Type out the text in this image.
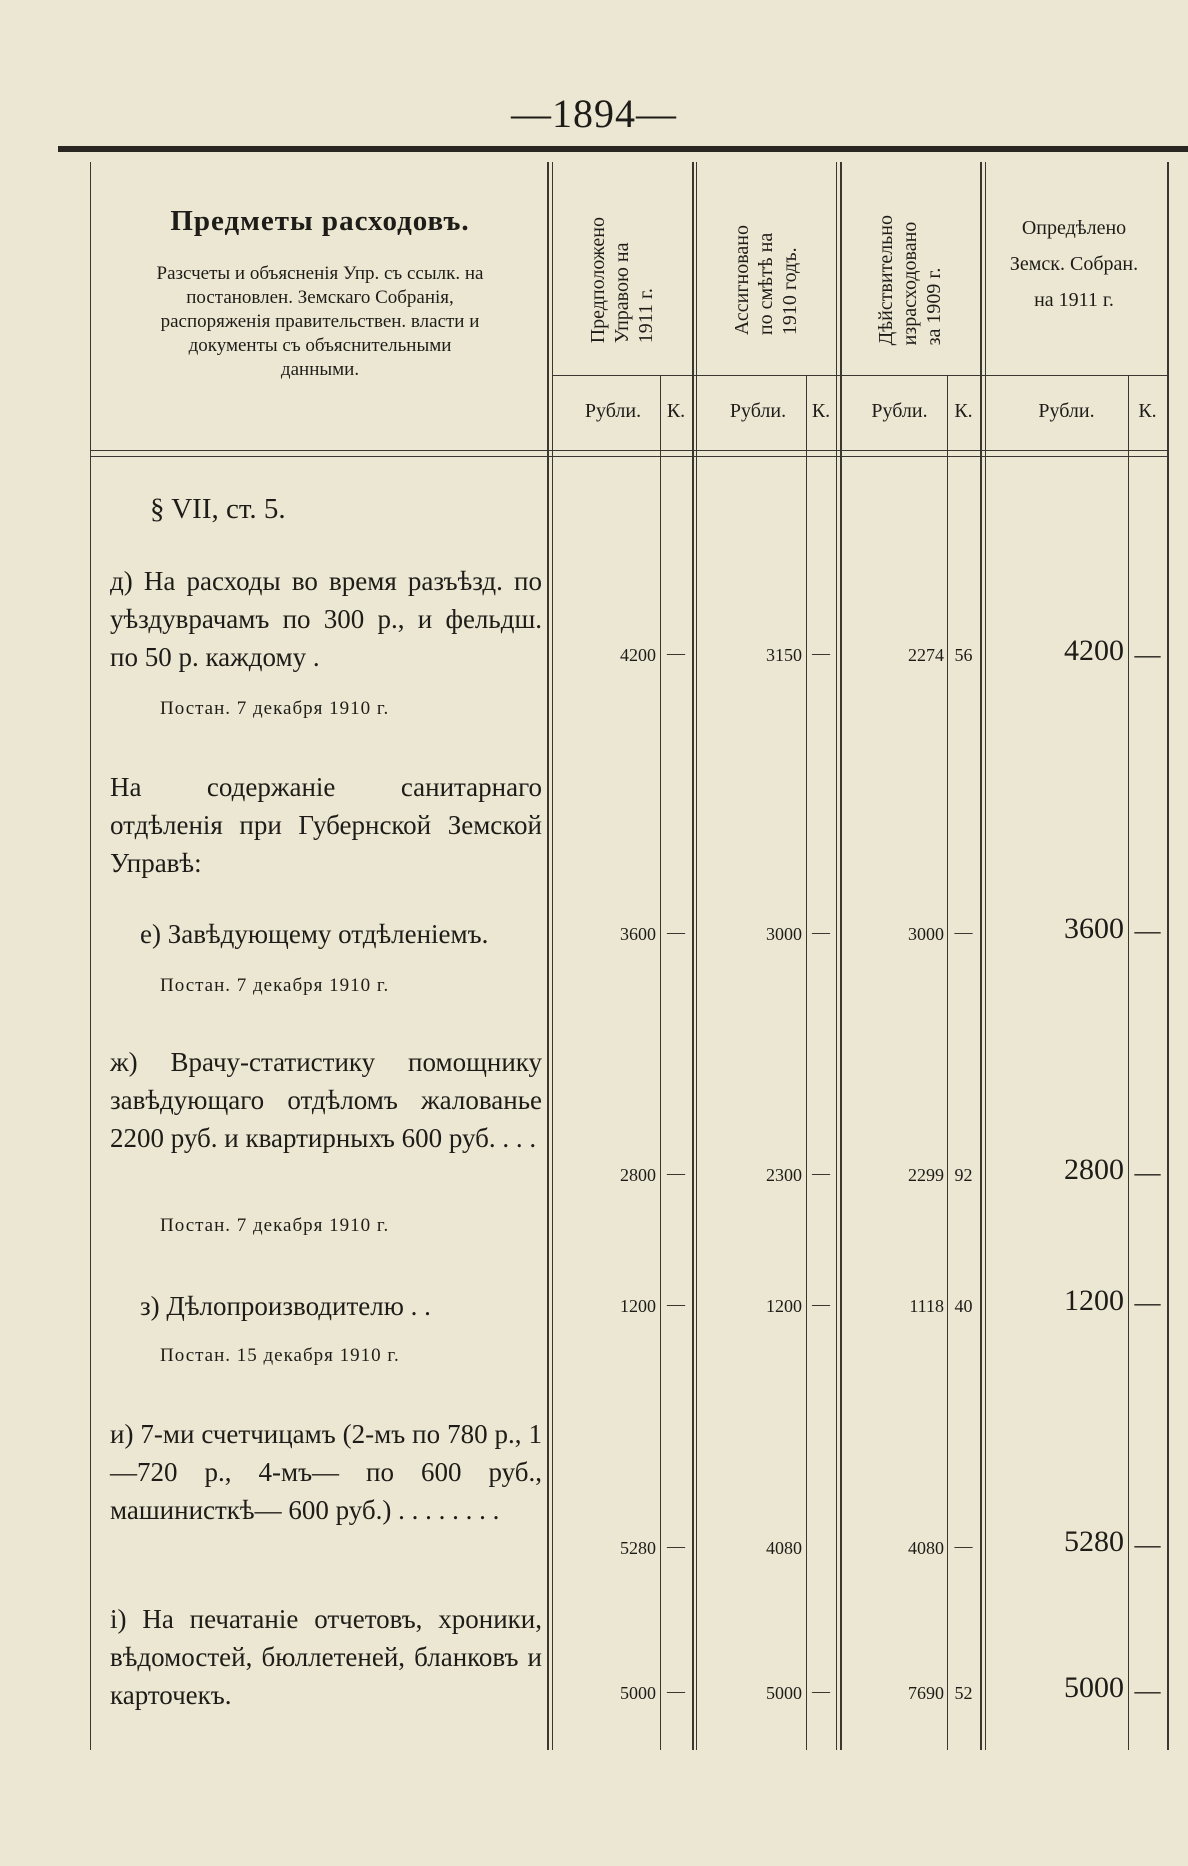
—1894—
Предметы расходовъ.
Разсчеты и объясненія Упр. съ ссылк. на постановлен. Земскаго Собранія, распоряженія правительствен. власти и документы съ объяснительными данными.
Предположено
Управою на
1911 г.	Ассигновано
по смѣтѣ на
1910 годъ.	Дѣйствительно
израсходовано
за 1909 г.
Опредѣлено
Земск. Собран.
на 1911 г.
Рубли.	К.	Рубли.	К.	Рубли.	К.	Рубли.	К.
§ VII, ст. 5.
д) На расходы во время разъѣзд. по уѣздуврачамъ по 300 р., и фельдш. по 50 р. каждому .
Постан. 7 декабря 1910 г.
4200 —	3150 —	2274 56	4200 —
На содержаніе санитарнаго отдѣленія при Губернской Земской Управѣ:
е) Завѣдующему отдѣленіемъ.
Постан. 7 декабря 1910 г.
3600 —	3000 —	3000 —	3600 —
ж) Врачу-статистику помощнику завѣдующаго отдѣломъ жалованье 2200 руб. и квартирныхъ 600 руб. . . .
Постан. 7 декабря 1910 г.
2800 —	2300 —	2299 92	2800 —
з) Дѣлопроизводителю . .
Постан. 15 декабря 1910 г.
1200 —	1200 —	1118 40	1200 —
и) 7-ми счетчицамъ (2-мъ по 780 р., 1—720 р., 4-мъ— по 600 руб., машинисткѣ— 600 руб.) . . . . . . . .
5280 —	4080	4080 —	5280 —
і) На печатаніе отчетовъ, хроники, вѣдомостей, бюллетеней, бланковъ и карточекъ.	5000 —	5000 —	7690 52	5000 —
